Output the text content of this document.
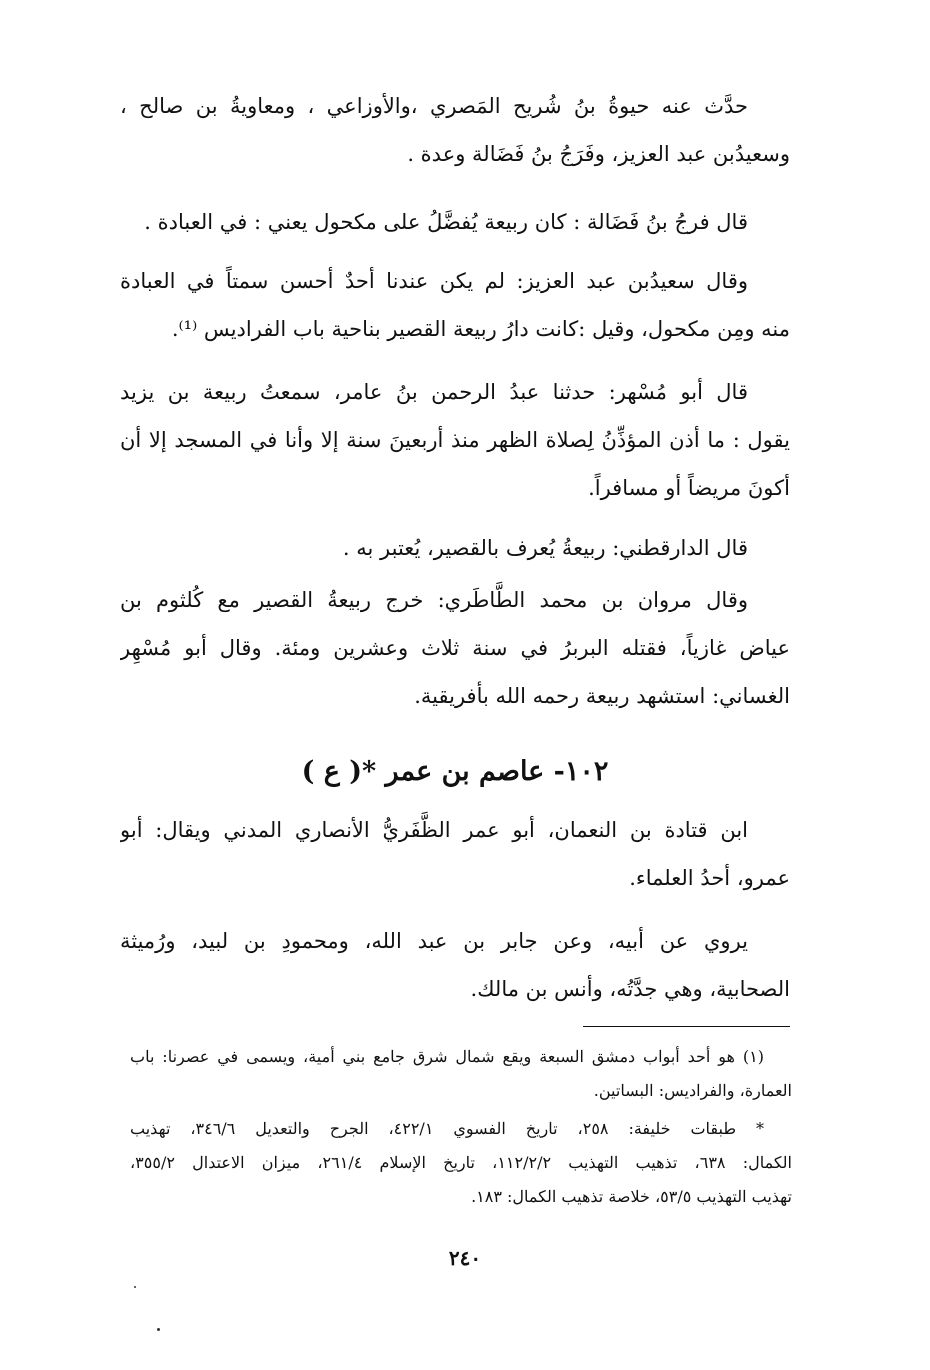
حدَّث عنه حيوةُ بنُ شُريح المَصري ،والأوزاعي ، ومعاويةُ بن صالح ،
وسعيدُبن عبد العزيز، وفَرَجُ بنُ فَضَالة وعدة .
قال فرجُ بنُ فَضَالة : كان ربيعة يُفضَّلُ على مكحول يعني : في العبادة .
وقال سعيدُبن عبد العزيز: لم يكن عندنا أحدٌ أحسن سمتاً في العبادة
منه ومِن مكحول، وقيل :كانت دارُ ربيعة القصير بناحية باب الفراديس ⁽¹⁾.
قال أبو مُسْهر: حدثنا عبدُ الرحمن بنُ عامر، سمعتُ ربيعة بن يزيد
يقول : ما أذن المؤذِّنُ لِصلاة الظهر منذ أربعينَ سنة إلا وأنا في المسجد إلا أن
أكونَ مريضاً أو مسافراً.
قال الدارقطني: ربيعةُ يُعرف بالقصير، يُعتبر به .
وقال مروان بن محمد الطَّاطَري: خرج ربيعةُ القصير مع كُلثوم بن
عياض غازياً، فقتله البربرُ في سنة ثلاث وعشرين ومئة. وقال أبو مُسْهِر
الغساني: استشهد ربيعة رحمه الله بأفريقية.
١٠٢- عاصم بن عمر *( ع )
ابن قتادة بن النعمان، أبو عمر الظَّفَريُّ الأنصاري المدني ويقال: أبو
عمرو، أحدُ العلماء.
يروي عن أبيه، وعن جابر بن عبد الله، ومحمودِ بن لبيد، ورُميثة
الصحابية، وهي جدَّتُه، وأنس بن مالك.
(١) هو أحد أبواب دمشق السبعة ويقع شمال شرق جامع بني أمية، ويسمى في عصرنا: باب
العمارة، والفراديس: البساتين.
* طبقات خليفة: ٢٥٨، تاريخ الفسوي ٤٢٢/١، الجرح والتعديل ٣٤٦/٦، تهذيب
الكمال: ٦٣٨، تذهيب التهذيب ١١٢/٢/٢، تاريخ الإسلام ٢٦١/٤، ميزان الاعتدال ٣٥٥/٢،
تهذيب التهذيب ٥٣/٥، خلاصة تذهيب الكمال: ١٨٣.
٢٤٠
